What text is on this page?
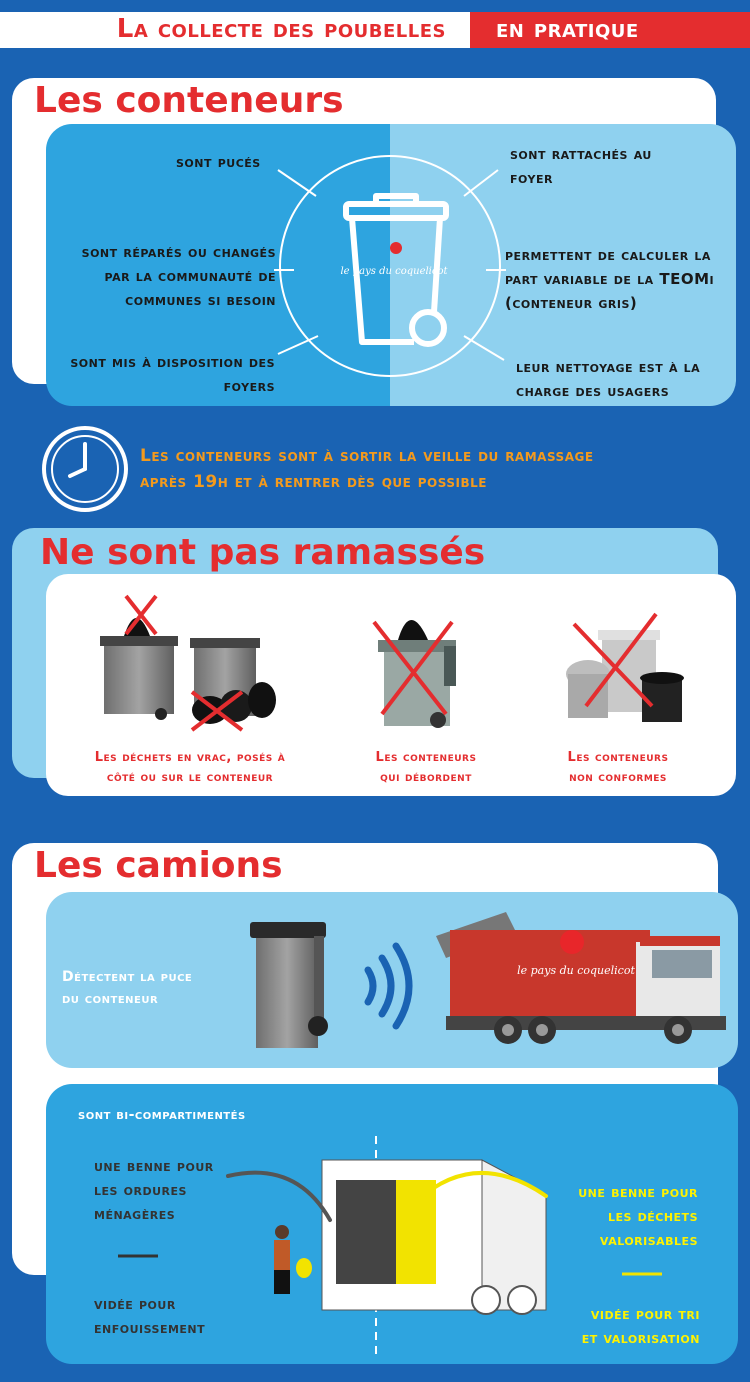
La collecte des poubelles en pratique
Les conteneurs
le pays du coquelicot
sont pucés
sont réparés ou changés par la communauté de communes si besoin
sont mis à disposition des foyers
sont rattachés au foyer
permettent de calculer la part variable de la TEOMi (conteneur gris)
leur nettoyage est à la charge des usagers
Les conteneurs sont à sortir la veille du ramassage
après 19h et à rentrer dès que possible
Ne sont pas ramassés
Les déchets en vrac, posés à
côté ou sur le conteneur
Les conteneurs
qui débordent
Les conteneurs
non conformes
Les camions
Détectent la puce
du conteneur
le pays du coquelicot
sont bi-compartimentés
une benne pour
les ordures
ménagères
vidée pour
enfouissement
une benne pour
les déchets
valorisables
vidée pour tri
et valorisation
